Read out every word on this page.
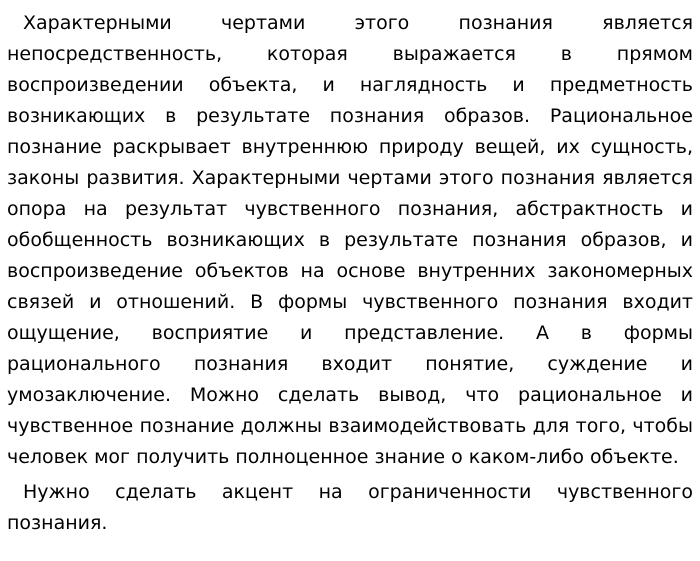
Характерными чертами этого познания является непосредственность, которая выражается в прямом воспроизведении объекта, и наглядность и предметность возникающих в результате познания образов. Рациональное познание раскрывает внутреннюю природу вещей, их сущность, законы развития. Характерными чертами этого познания является опора на результат чувственного познания, абстрактность и обобщенность возникающих в результате познания образов, и воспроизведение объектов на основе внутренних закономерных связей и отношений. В формы чувственного познания входит ощущение, восприятие и представление. А в формы рационального познания входит понятие, суждение и умозаключение. Можно сделать вывод, что рациональное и чувственное познание должны взаимодействовать для того, чтобы человек мог получить полноценное знание о каком-либо объекте.

Нужно сделать акцент на ограниченности чувственного познания.
